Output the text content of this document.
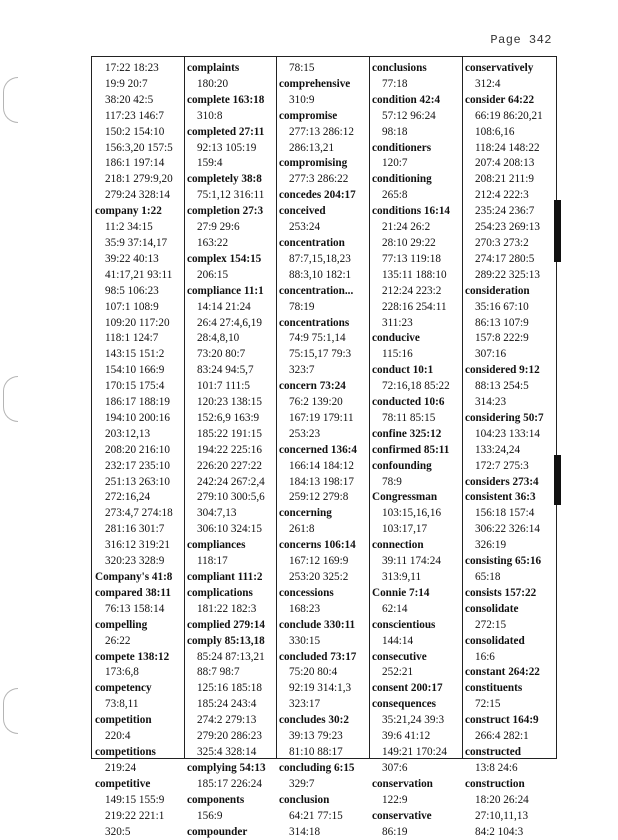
Page 342
17:22 18:23
19:9 20:7
38:20 42:5
117:23 146:7
150:2 154:10
156:3,20 157:5
186:1 197:14
218:1 279:9,20
279:24 328:14
company 1:22
11:2 34:15
35:9 37:14,17
39:22 40:13
41:17,21 93:11
98:5 106:23
107:1 108:9
109:20 117:20
118:1 124:7
143:15 151:2
154:10 166:9
170:15 175:4
186:17 188:19
194:10 200:16
203:12,13
208:20 216:10
232:17 235:10
251:13 263:10
272:16,24
273:4,7 274:18
281:16 301:7
316:12 319:21
320:23 328:9
Company's 41:8
compared 38:11
76:13 158:14
compelling
26:22
compete 138:12
173:6,8
competency
73:8,11
competition
220:4
competitions
219:24
competitive
149:15 155:9
219:22 221:1
320:5
complaints
180:20
complete 163:18
310:8
completed 27:11
92:13 105:19
159:4
completely 38:8
75:1,12 316:11
completion 27:3
27:9 29:6
163:22
complex 154:15
206:15
compliance 11:1
14:14 21:24
26:4 27:4,6,19
28:4,8,10
73:20 80:7
83:24 94:5,7
101:7 111:5
120:23 138:15
152:6,9 163:9
185:22 191:15
194:22 225:16
226:20 227:22
242:24 267:2,4
279:10 300:5,6
304:7,13
306:10 324:15
compliances
118:17
compliant 111:2
complications
181:22 182:3
complied 279:14
comply 85:13,18
85:24 87:13,21
88:7 98:7
125:16 185:18
185:24 243:4
274:2 279:13
279:20 286:23
325:4 328:14
complying 54:13
185:17 226:24
components
156:9
compounder
78:15
comprehensive
310:9
compromise
277:13 286:12
286:13,21
compromising
277:3 286:22
concedes 204:17
conceived
253:24
concentration
87:7,15,18,23
88:3,10 182:1
concentration...
78:19
concentrations
74:9 75:1,14
75:15,17 79:3
323:7
concern 73:24
76:2 139:20
167:19 179:11
253:23
concerned 136:4
166:14 184:12
184:13 198:17
259:12 279:8
concerning
261:8
concerns 106:14
167:12 169:9
253:20 325:2
concessions
168:23
conclude 330:11
330:15
concluded 73:17
75:20 80:4
92:19 314:1,3
323:17
concludes 30:2
39:13 79:23
81:10 88:17
concluding 6:15
329:7
conclusion
64:21 77:15
314:18
conclusions
77:18
condition 42:4
57:12 96:24
98:18
conditioners
120:7
conditioning
265:8
conditions 16:14
21:24 26:2
28:10 29:22
77:13 119:18
135:11 188:10
212:24 223:2
228:16 254:11
311:23
conducive
115:16
conduct 10:1
72:16,18 85:22
conducted 10:6
78:11 85:15
confine 325:12
confirmed 85:11
confounding
78:9
Congressman
103:15,16,16
103:17,17
connection
39:11 174:24
313:9,11
Connie 7:14
62:14
conscientious
144:14
consecutive
252:21
consent 200:17
consequences
35:21,24 39:3
39:6 41:12
149:21 170:24
307:6
conservation
122:9
conservative
86:19
conservatively
312:4
consider 64:22
66:19 86:20,21
108:6,16
118:24 148:22
207:4 208:13
208:21 211:9
212:4 222:3
235:24 236:7
254:23 269:13
270:3 273:2
274:17 280:5
289:22 325:13
consideration
35:16 67:10
86:13 107:9
157:8 222:9
307:16
considered 9:12
88:13 254:5
314:23
considering 50:7
104:23 133:14
133:24,24
172:7 275:3
considers 273:4
consistent 36:3
156:18 157:4
306:22 326:14
326:19
consisting 65:16
65:18
consists 157:22
consolidate
272:15
consolidated
16:6
constant 264:22
constituents
72:15
construct 164:9
266:4 282:1
constructed
13:8 24:6
construction
18:20 26:24
27:10,11,13
84:2 104:3
